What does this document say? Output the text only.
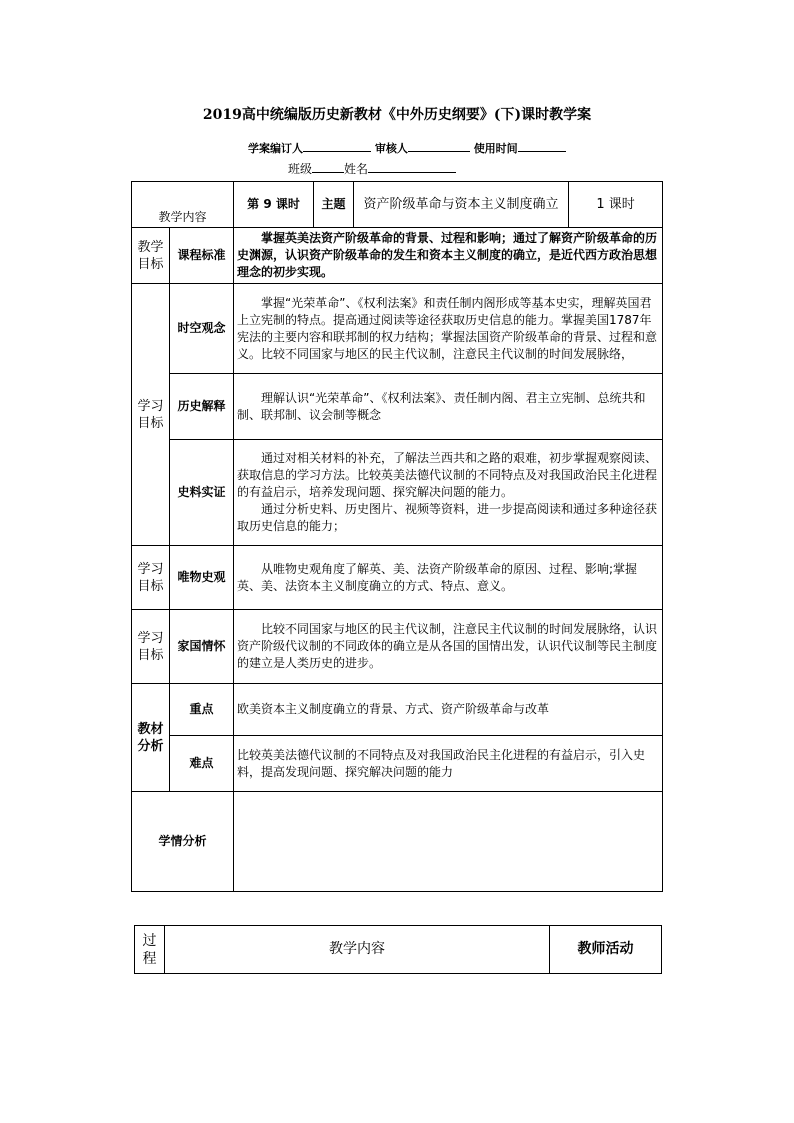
2019高中统编版历史新教材《中外历史纲要》(下)课时教学案
学案编订人	审核人	使用时间
班级	姓名
教学内容		第 9 课时	主题	资产阶级革命与资本主义制度确立	1 课时
教学目标	课程标准	掌握英美法资产阶级革命的背景、过程和影响；通过了解资产阶级革命的历史渊源，认识资产阶级革命的发生和资本主义制度的确立，是近代西方政治思想理念的初步实现。			
学习目标	时空观念	掌握“光荣革命”、《权利法案》和责任制内阁形成等基本史实，理解英国君上立宪制的特点。提高通过阅读等途径获取历史信息的能力。掌握美国1787年宪法的主要内容和联邦制的权力结构；掌握法国资产阶级革命的背景、过程和意义。比较不同国家与地区的民主代议制，注意民主代议制的时间发展脉络，			
	历史解释	理解认识“光荣革命”、《权利法案》、责任制内阁、君主立宪制、总统共和制、联邦制、议会制等概念			
	史料实证	通过对相关材料的补充，了解法兰西共和之路的艰难，初步掌握观察阅读、获取信息的学习方法。比较英美法德代议制的不同特点及对我国政治民主化进程的有益启示，培养发现问题、探究解决问题的能力。
通过分析史料、历史图片、视频等资料，进一步提高阅读和通过多种途径获取历史信息的能力；			

学习目标	唯物史观	从唯物史观角度了解英、美、法资产阶级革命的原因、过程、影响;掌握英、美、法资本主义制度确立的方式、特点、意义。			
学习目标	家国情怀	比较不同国家与地区的民主代议制，注意民主代议制的时间发展脉络，认识资产阶级代议制的不同政体的确立是从各国的国情出发，认识代议制等民主制度的建立是人类历史的进步。			
教材分析	重点	欧美资本主义制度确立的背景、方式、资产阶级革命与改革			
	难点	比较英美法德代议制的不同特点及对我国政治民主化进程的有益启示，引入史料，提高发现问题、探究解决问题的能力			
学情分析					
过程	教学内容	教师活动
